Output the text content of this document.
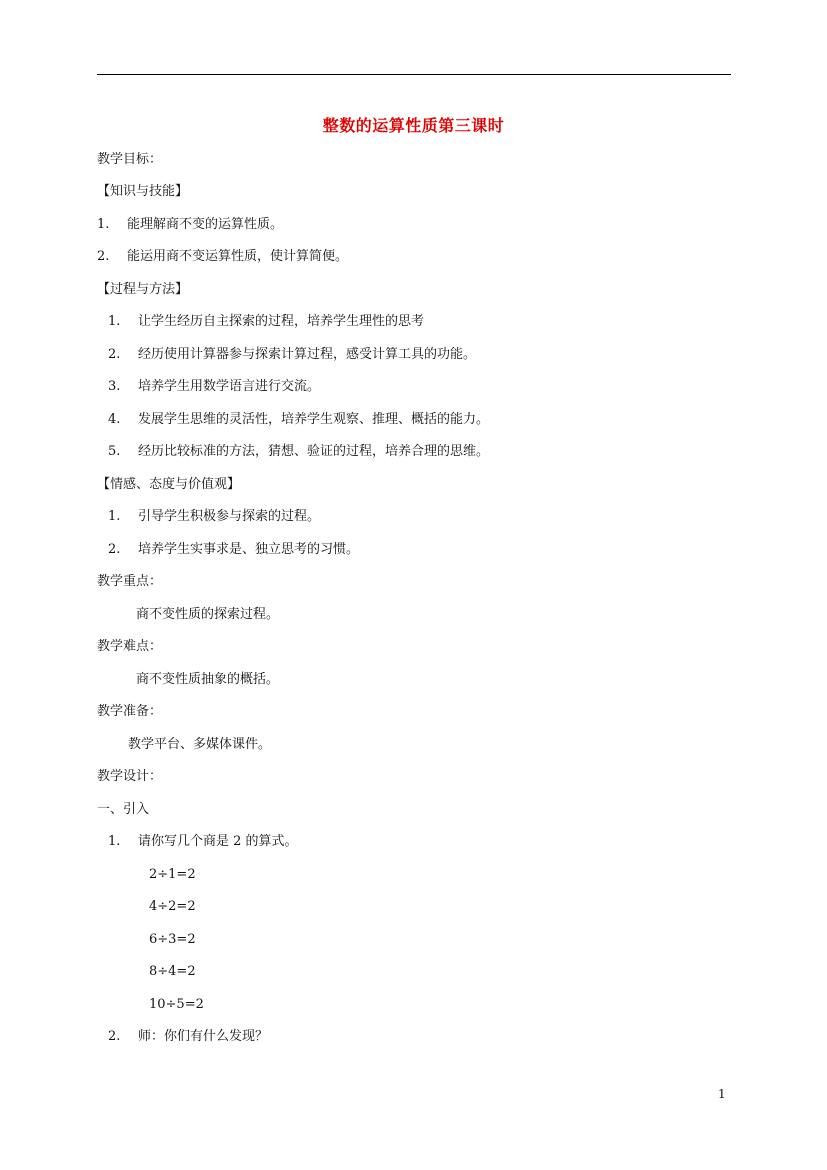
整数的运算性质第三课时
教学目标：
【知识与技能】
1. 能理解商不变的运算性质。
2. 能运用商不变运算性质，使计算简便。
【过程与方法】
1. 让学生经历自主探索的过程，培养学生理性的思考
2. 经历使用计算器参与探索计算过程，感受计算工具的功能。
3. 培养学生用数学语言进行交流。
4. 发展学生思维的灵活性，培养学生观察、推理、概括的能力。
5. 经历比较标准的方法，猜想、验证的过程，培养合理的思维。
【情感、态度与价值观】
1. 引导学生积极参与探索的过程。
2. 培养学生实事求是、独立思考的习惯。
教学重点：
商不变性质的探索过程。
教学难点：
商不变性质抽象的概括。
教学准备：
教学平台、多媒体课件。
教学设计：
一、引入
1. 请你写几个商是 2 的算式。
2÷1=2
4÷2=2
6÷3=2
8÷4=2
10÷5=2
2. 师：你们有什么发现？
1
